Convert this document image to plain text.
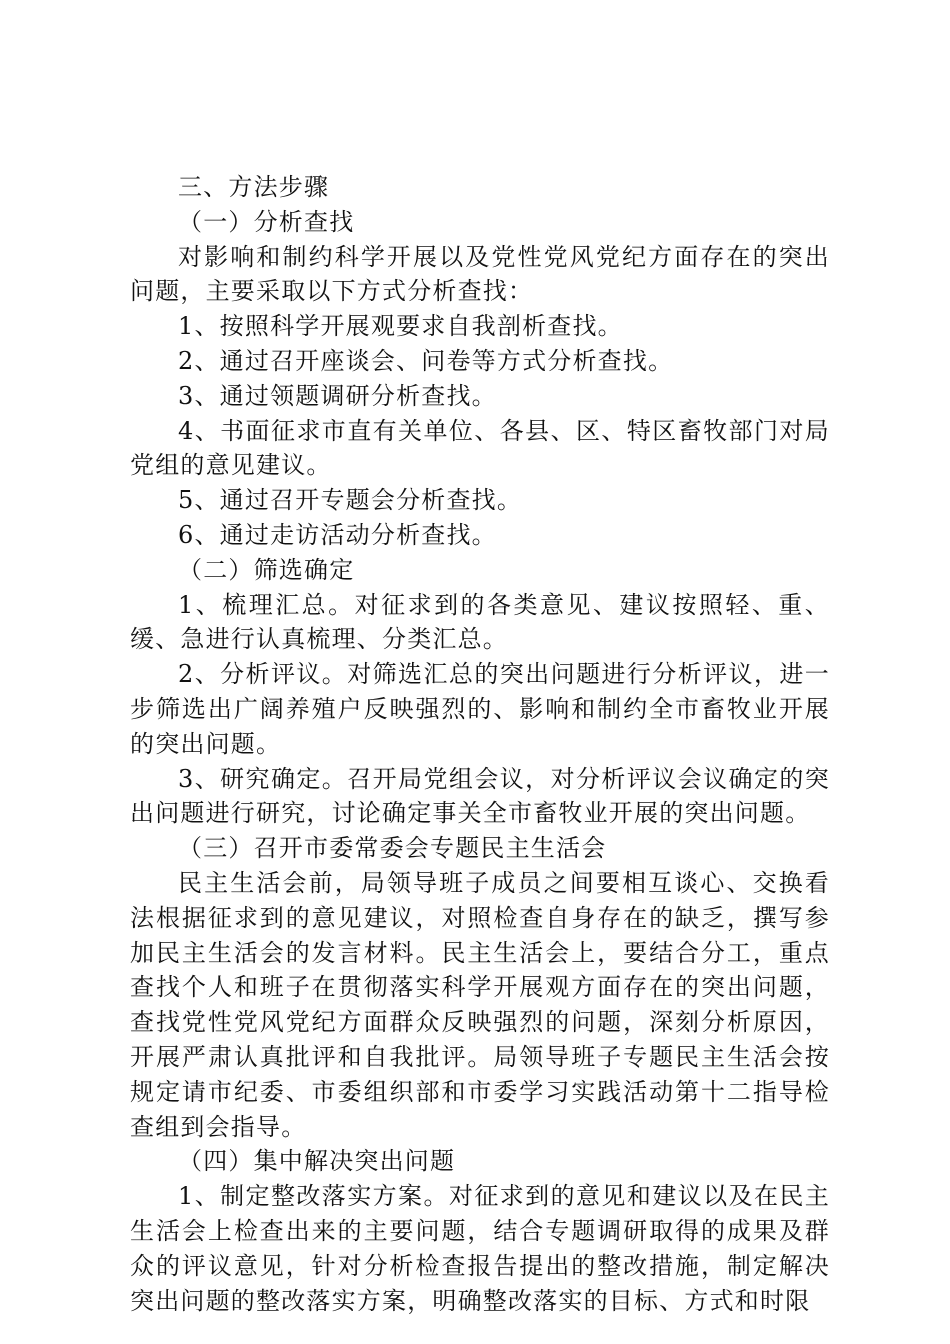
三、方法步骤

（一）分析查找

对影响和制约科学开展以及党性党风党纪方面存在的突出问题，主要采取以下方式分析查找：

1、按照科学开展观要求自我剖析查找。

2、通过召开座谈会、问卷等方式分析查找。

3、通过领题调研分析查找。

4、书面征求市直有关单位、各县、区、特区畜牧部门对局党组的意见建议。

5、通过召开专题会分析查找。

6、通过走访活动分析查找。

（二）筛选确定

1、梳理汇总。对征求到的各类意见、建议按照轻、重、缓、急进行认真梳理、分类汇总。

2、分析评议。对筛选汇总的突出问题进行分析评议，进一步筛选出广阔养殖户反映强烈的、影响和制约全市畜牧业开展的突出问题。

3、研究确定。召开局党组会议，对分析评议会议确定的突出问题进行研究，讨论确定事关全市畜牧业开展的突出问题。

（三）召开市委常委会专题民主生活会

民主生活会前，局领导班子成员之间要相互谈心、交换看法根据征求到的意见建议，对照检查自身存在的缺乏，撰写参加民主生活会的发言材料。民主生活会上，要结合分工，重点查找个人和班子在贯彻落实科学开展观方面存在的突出问题，查找党性党风党纪方面群众反映强烈的问题，深刻分析原因，开展严肃认真批评和自我批评。局领导班子专题民主生活会按规定请市纪委、市委组织部和市委学习实践活动第十二指导检查组到会指导。

（四）集中解决突出问题

1、制定整改落实方案。对征求到的意见和建议以及在民主生活会上检查出来的主要问题，结合专题调研取得的成果及群众的评议意见，针对分析检查报告提出的整改措施，制定解决突出问题的整改落实方案，明确整改落实的目标、方式和时限
